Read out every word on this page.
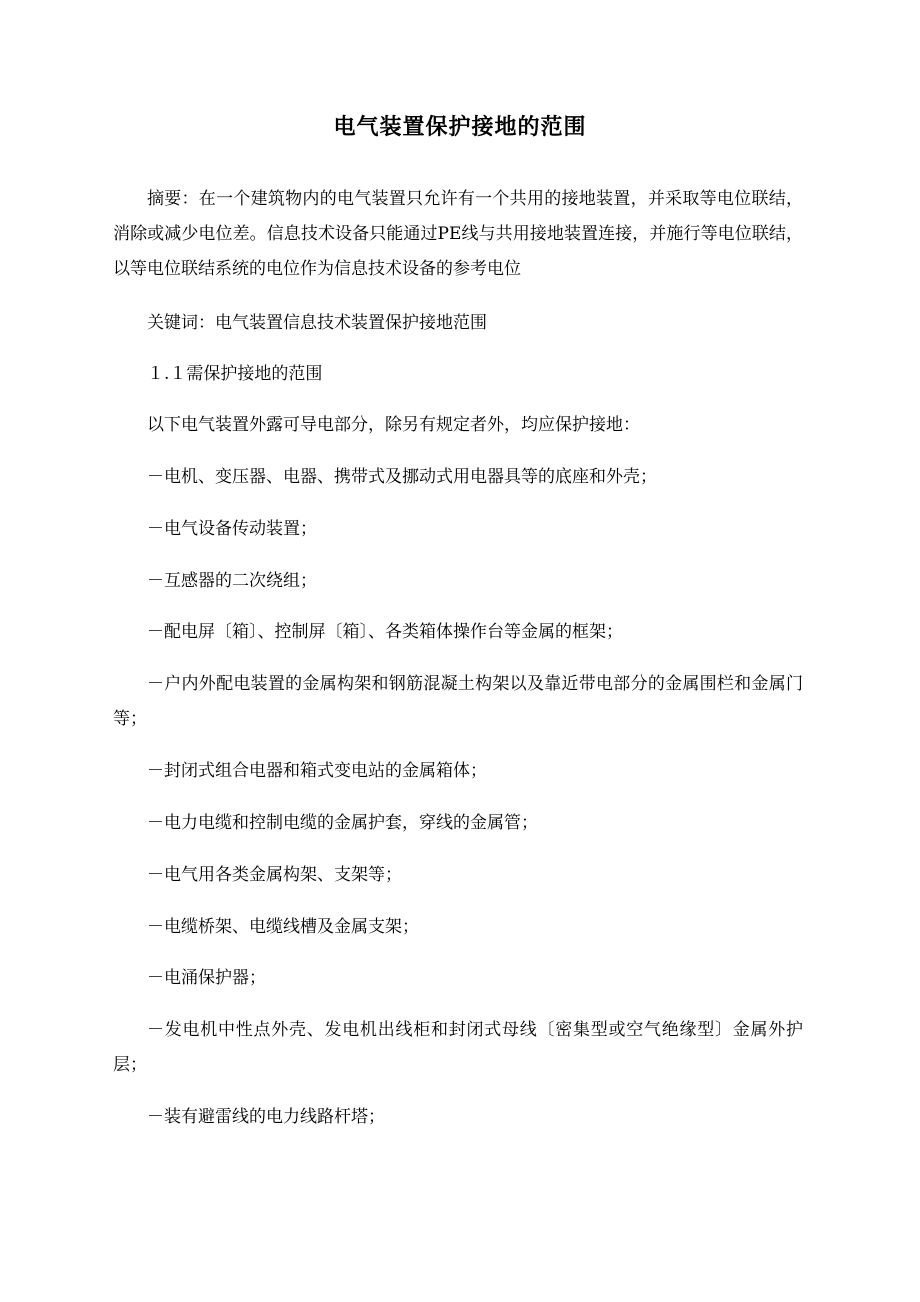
电气装置保护接地的范围
摘要：在一个建筑物内的电气装置只允许有一个共用的接地装置，并采取等电位联结，消除或减少电位差。信息技术设备只能通过PE线与共用接地装置连接，并施行等电位联结，以等电位联结系统的电位作为信息技术设备的参考电位
关键词：电气装置信息技术装置保护接地范围
１.１需保护接地的范围
以下电气装置外露可导电部分，除另有规定者外，均应保护接地：
－电机、变压器、电器、携带式及挪动式用电器具等的底座和外壳；
－电气设备传动装置；
－互感器的二次绕组；
－配电屏〔箱〕、控制屏〔箱〕、各类箱体操作台等金属的框架；
－户内外配电装置的金属构架和钢筋混凝土构架以及靠近带电部分的金属围栏和金属门等；
－封闭式组合电器和箱式变电站的金属箱体；
－电力电缆和控制电缆的金属护套，穿线的金属管；
－电气用各类金属构架、支架等；
－电缆桥架、电缆线槽及金属支架；
－电涌保护器；
－发电机中性点外壳、发电机出线柜和封闭式母线〔密集型或空气绝缘型〕金属外护层；
－装有避雷线的电力线路杆塔；
